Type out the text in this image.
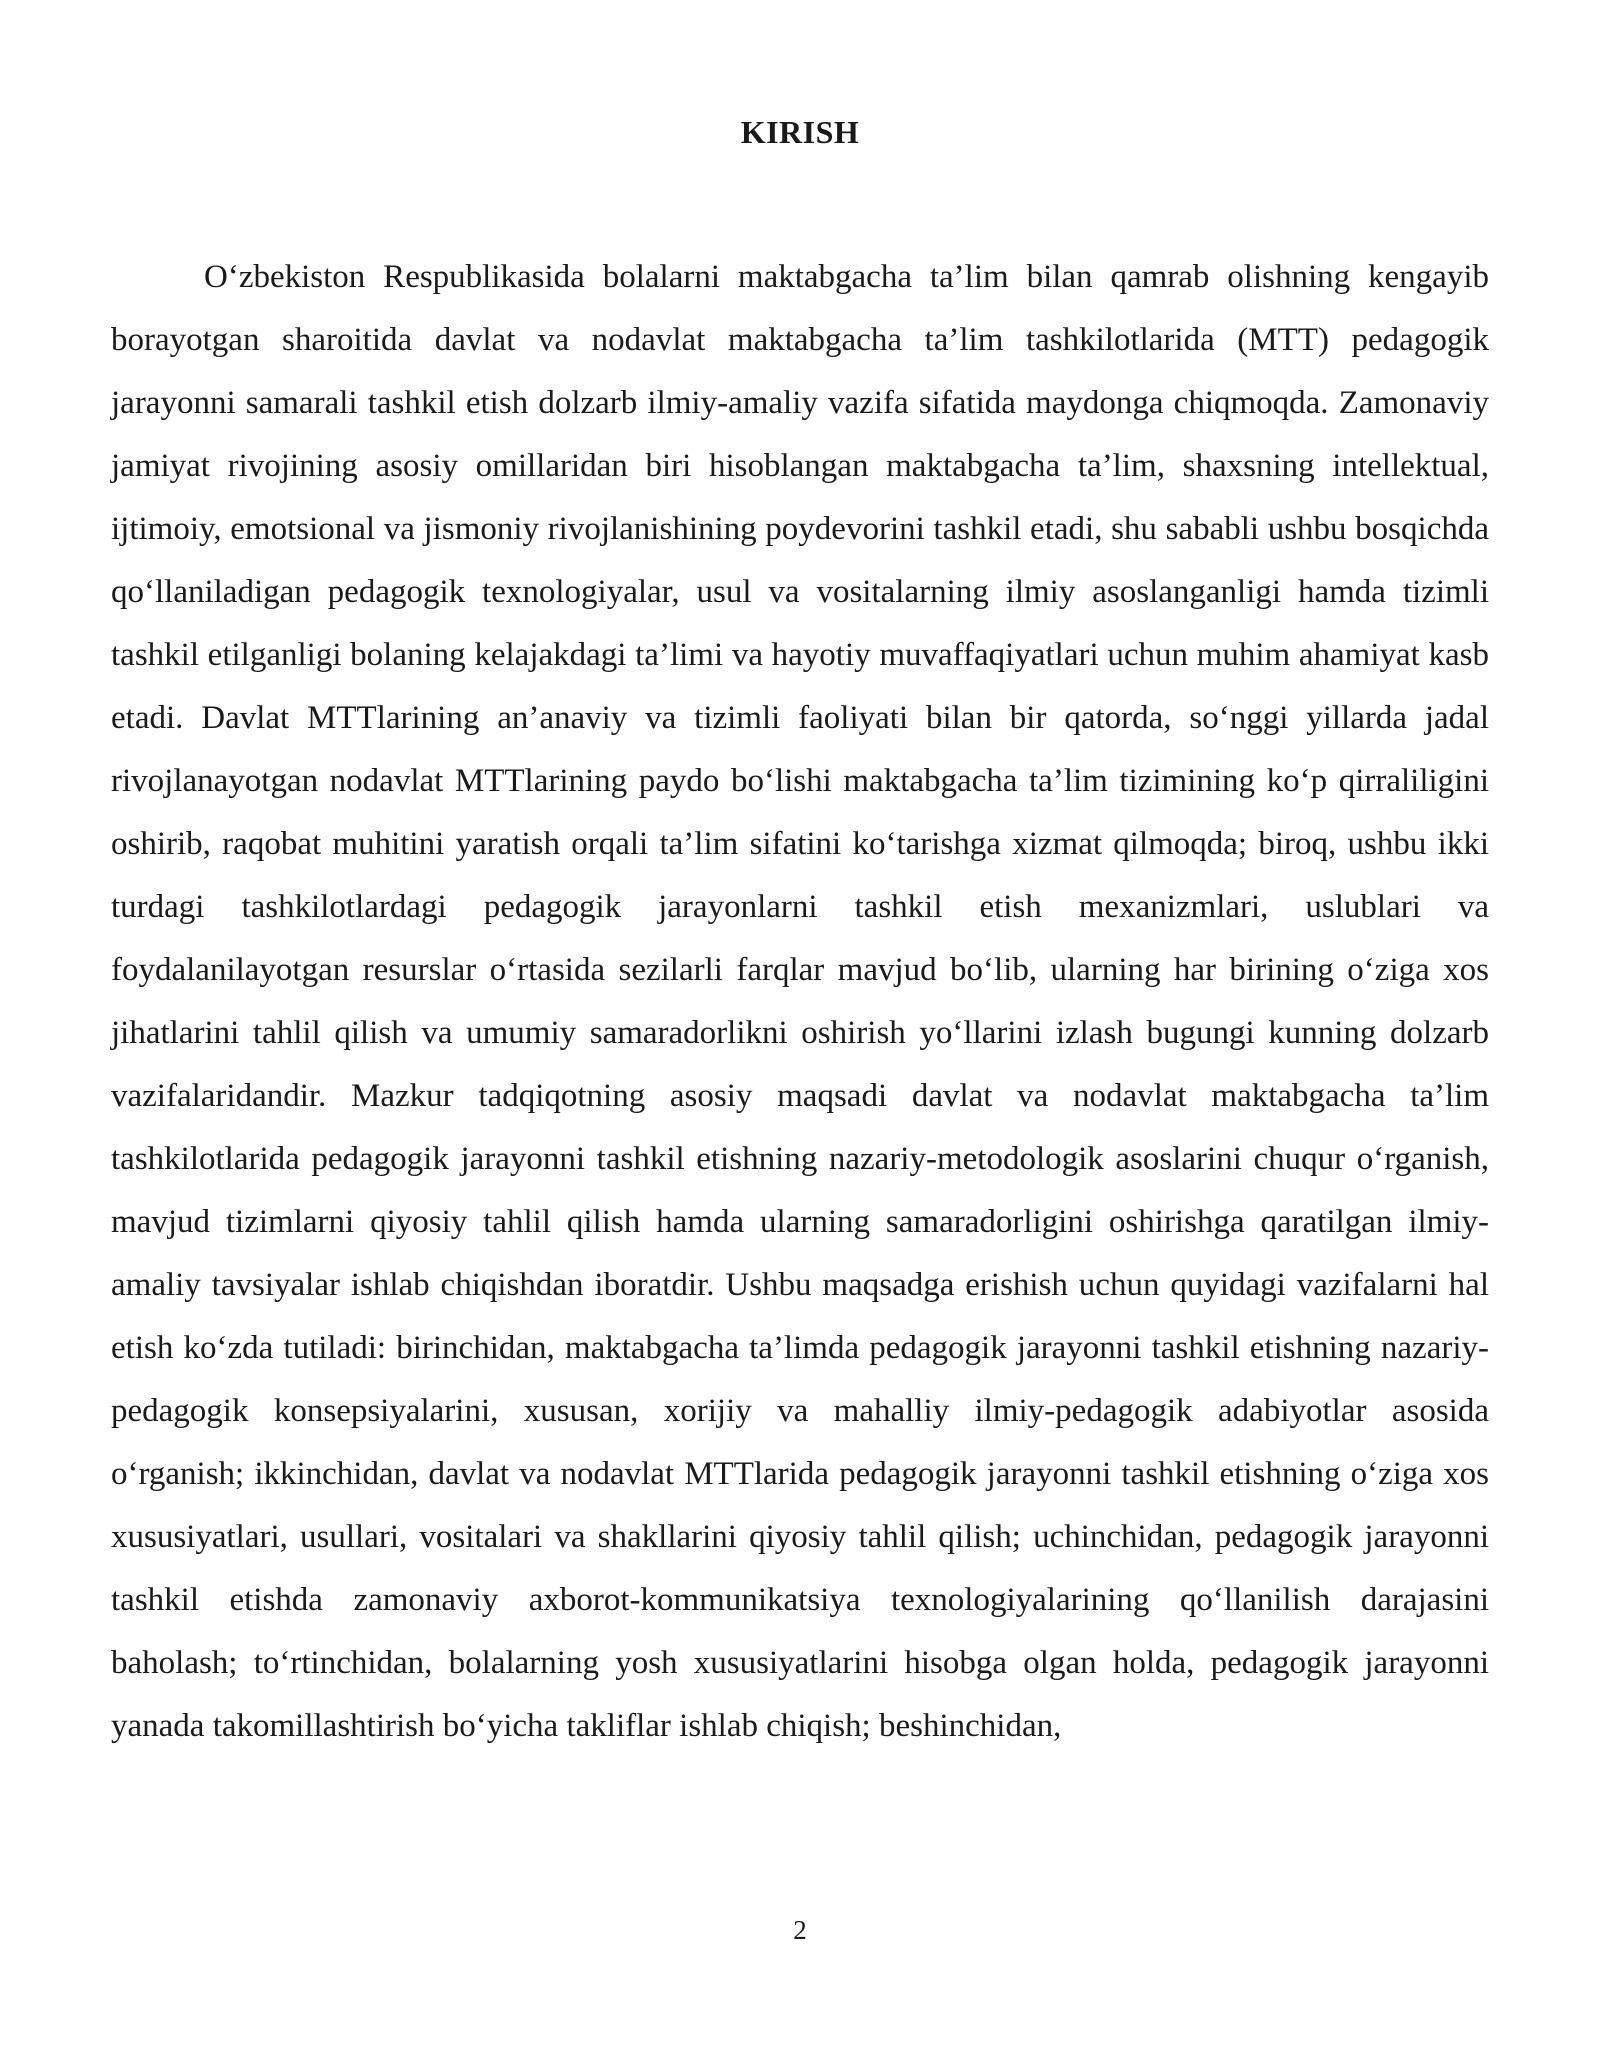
KIRISH

O‘zbekiston Respublikasida bolalarni maktabgacha ta’lim bilan qamrab olishning kengayib borayotgan sharoitida davlat va nodavlat maktabgacha ta’lim tashkilotlarida (MTT) pedagogik jarayonni samarali tashkil etish dolzarb ilmiy-amaliy vazifa sifatida maydonga chiqmoqda. Zamonaviy jamiyat rivojining asosiy omillaridan biri hisoblangan maktabgacha ta’lim, shaxsning intellektual, ijtimoiy, emotsional va jismoniy rivojlanishining poydevorini tashkil etadi, shu sababli ushbu bosqichda qo‘llaniladigan pedagogik texnologiyalar, usul va vositalarning ilmiy asoslanganligi hamda tizimli tashkil etilganligi bolaning kelajakdagi ta’limi va hayotiy muvaffaqiyatlari uchun muhim ahamiyat kasb etadi. Davlat MTTlarining an’anaviy va tizimli faoliyati bilan bir qatorda, so‘nggi yillarda jadal rivojlanayotgan nodavlat MTTlarining paydo bo‘lishi maktabgacha ta’lim tizimining ko‘p qirraliligini oshirib, raqobat muhitini yaratish orqali ta’lim sifatini ko‘tarishga xizmat qilmoqda; biroq, ushbu ikki turdagi tashkilotlardagi pedagogik jarayonlarni tashkil etish mexanizmlari, uslublari va foydalanilayotgan resurslar o‘rtasida sezilarli farqlar mavjud bo‘lib, ularning har birining o‘ziga xos jihatlarini tahlil qilish va umumiy samaradorlikni oshirish yo‘llarini izlash bugungi kunning dolzarb vazifalaridandir. Mazkur tadqiqotning asosiy maqsadi davlat va nodavlat maktabgacha ta’lim tashkilotlarida pedagogik jarayonni tashkil etishning nazariy-metodologik asoslarini chuqur o‘rganish, mavjud tizimlarni qiyosiy tahlil qilish hamda ularning samaradorligini oshirishga qaratilgan ilmiy-amaliy tavsiyalar ishlab chiqishdan iboratdir. Ushbu maqsadga erishish uchun quyidagi vazifalarni hal etish ko‘zda tutiladi: birinchidan, maktabgacha ta’limda pedagogik jarayonni tashkil etishning nazariy-pedagogik konsepsiyalarini, xususan, xorijiy va mahalliy ilmiy-pedagogik adabiyotlar asosida o‘rganish; ikkinchidan, davlat va nodavlat MTTlarida pedagogik jarayonni tashkil etishning o‘ziga xos xususiyatlari, usullari, vositalari va shakllarini qiyosiy tahlil qilish; uchinchidan, pedagogik jarayonni tashkil etishda zamonaviy axborot-kommunikatsiya texnologiyalarining qo‘llanilish darajasini baholash; to‘rtinchidan, bolalarning yosh xususiyatlarini hisobga olgan holda, pedagogik jarayonni yanada takomillashtirish bo‘yicha takliflar ishlab chiqish; beshinchidan,

2
